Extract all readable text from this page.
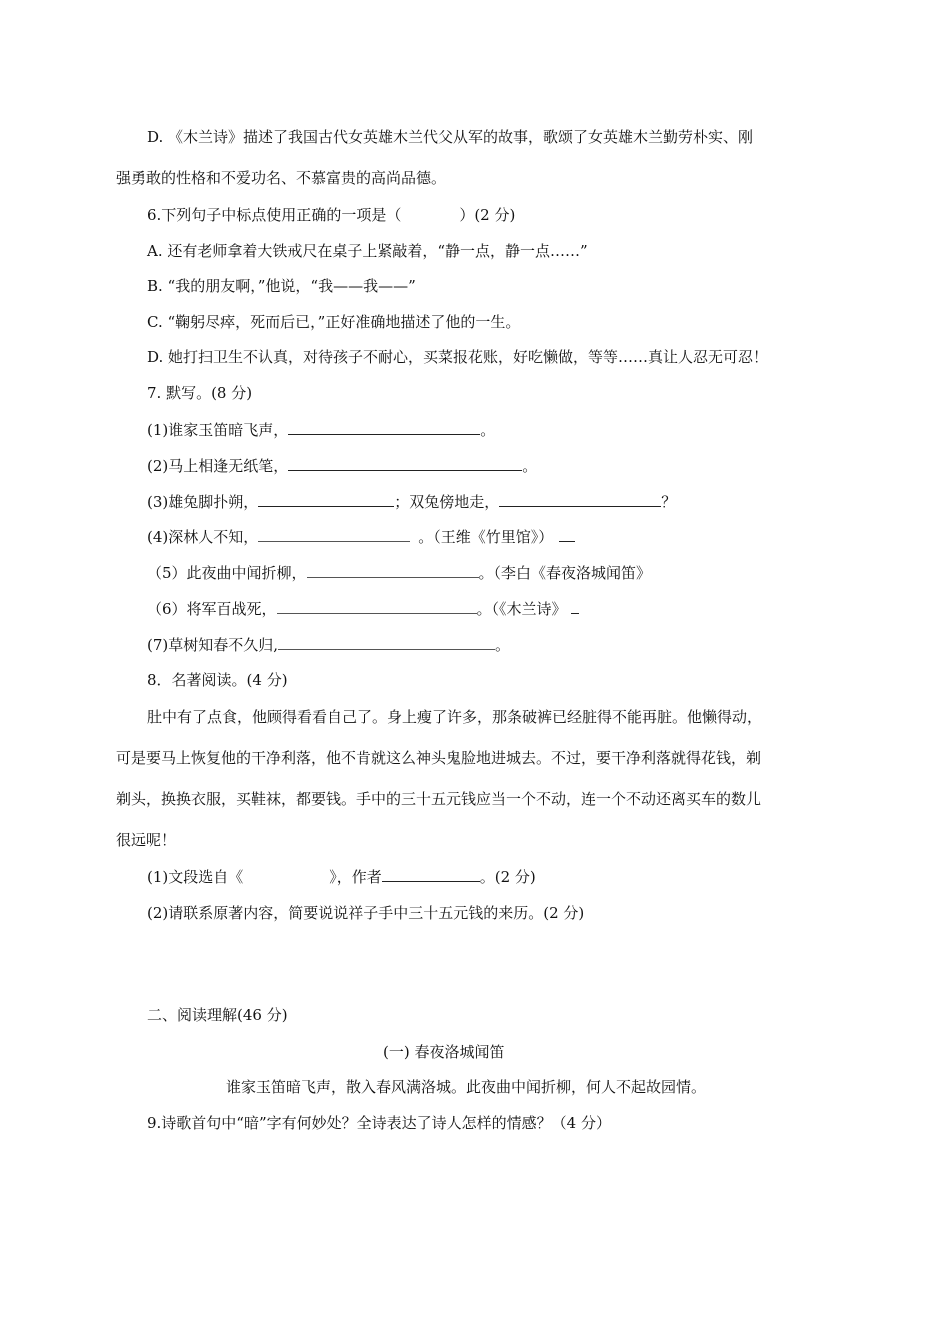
D. 《木兰诗》描述了我国古代女英雄木兰代父从军的故事，歌颂了女英雄木兰勤劳朴实、刚
强勇敢的性格和不爱功名、不慕富贵的高尚品德。
6.下列句子中标点使用正确的一项是（	）(2 分)
A. 还有老师拿着大铁戒尺在桌子上紧敲着，“静一点，静一点……”
B. “我的朋友啊，”他说，“我——我——”
C. “鞠躬尽瘁，死而后已，”正好准确地描述了他的一生。
D. 她打扫卫生不认真，对待孩子不耐心，买菜报花账，好吃懒做，等等……真让人忍无可忍！
7. 默写。(8 分)
(1)谁家玉笛暗飞声，	。
(2)马上相逢无纸笔，	。
(3)雄兔脚扑朔，	；双兔傍地走，	？
(4)深林人不知，	。（王维《竹里馆》）
（5）此夜曲中闻折柳，	。（李白《春夜洛城闻笛》
（6）将军百战死，	。（《木兰诗》
(7)草树知春不久归,	。
8．名著阅读。(4 分)
肚中有了点食，他顾得看看自己了。身上瘦了许多，那条破裤已经脏得不能再脏。他懒得动，
可是要马上恢复他的干净利落，他不肯就这么神头鬼脸地进城去。不过，要干净利落就得花钱，剃
剃头，换换衣服，买鞋袜，都要钱。手中的三十五元钱应当一个不动，连一个不动还离买车的数儿
很远呢！
(1)文段选自《	》，作者	。(2 分)
(2)请联系原著内容，简要说说祥子手中三十五元钱的来历。(2 分)
二、阅读理解(46 分)
(一) 春夜洛城闻笛
谁家玉笛暗飞声，散入春风满洛城。此夜曲中闻折柳，何人不起故园情。
9.诗歌首句中“暗”字有何妙处？全诗表达了诗人怎样的情感？（4 分）
